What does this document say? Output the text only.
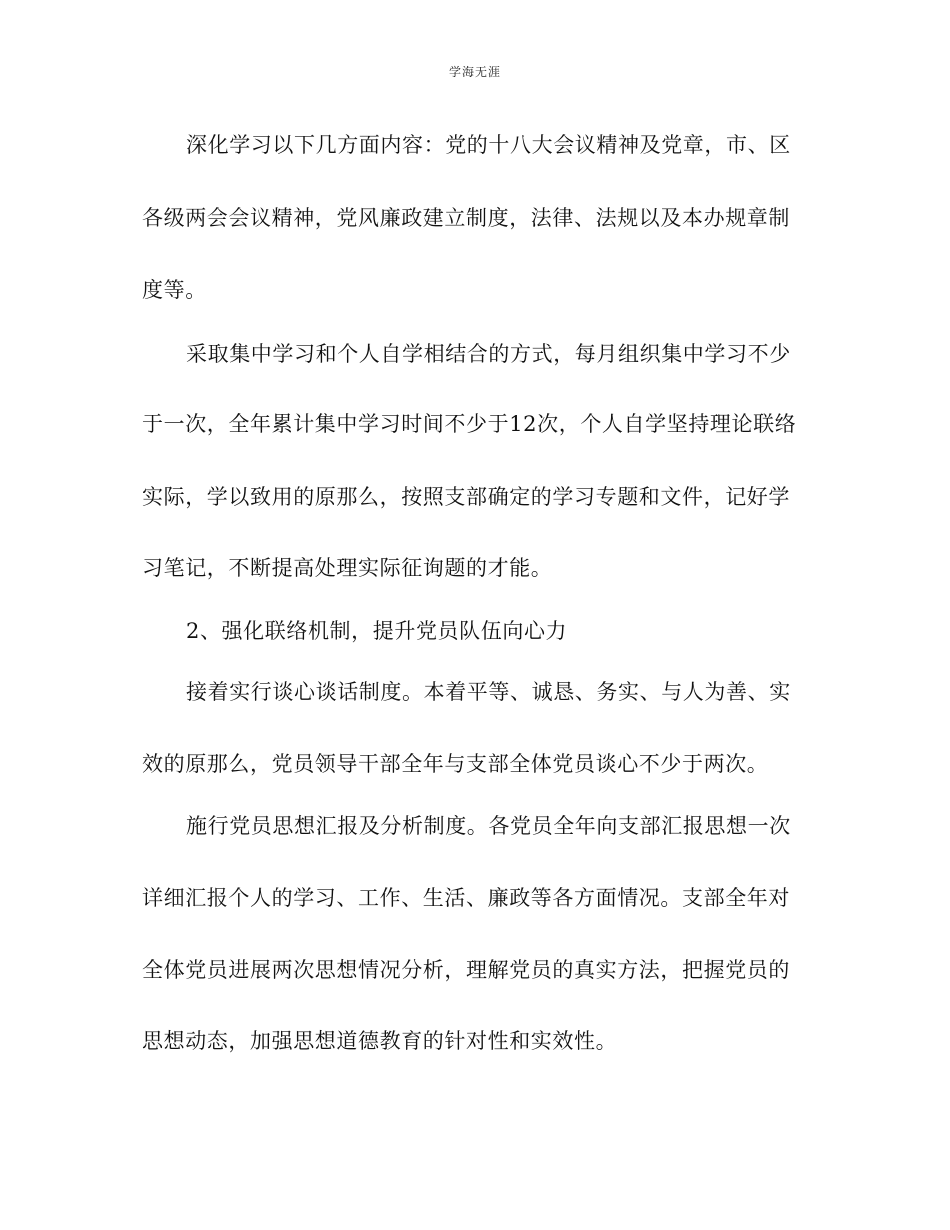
学海无涯
深化学习以下几方面内容：党的十八大会议精神及党章，市、区
各级两会会议精神，党风廉政建立制度，法律、法规以及本办规章制
度等。
采取集中学习和个人自学相结合的方式，每月组织集中学习不少
于一次，全年累计集中学习时间不少于12次，个人自学坚持理论联络
实际，学以致用的原那么，按照支部确定的学习专题和文件，记好学
习笔记，不断提高处理实际征询题的才能。
2、强化联络机制，提升党员队伍向心力
接着实行谈心谈话制度。本着平等、诚恳、务实、与人为善、实
效的原那么，党员领导干部全年与支部全体党员谈心不少于两次。
施行党员思想汇报及分析制度。各党员全年向支部汇报思想一次
详细汇报个人的学习、工作、生活、廉政等各方面情况。支部全年对
全体党员进展两次思想情况分析，理解党员的真实方法，把握党员的
思想动态，加强思想道德教育的针对性和实效性。
